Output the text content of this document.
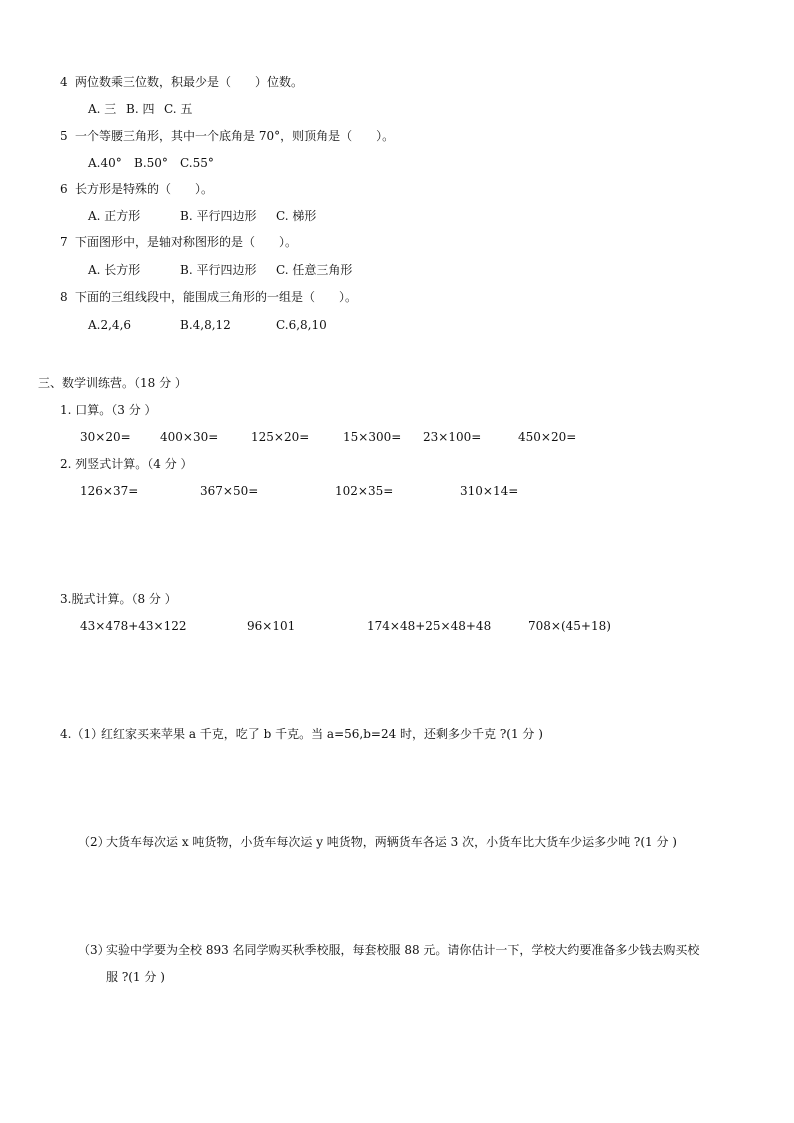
4 两位数乘三位数，积最少是（　　）位数。
A. 三 B. 四 C. 五
5 一个等腰三角形，其中一个底角是 70°，则顶角是（　　）。
A.40° B.50° C.55°
6 长方形是特殊的（　　）。
A. 正方形	B. 平行四边形 C. 梯形
7 下面图形中，是轴对称图形的是（　　）。
A. 长方形	B. 平行四边形 C. 任意三角形
8 下面的三组线段中，能围成三角形的一组是（　　）。
A.2,4,6	B.4,8,12	C.6,8,10
三、数学训练营。（18 分 ）
1. 口算。（3 分 ）
30×20= 400×30=	125×20=	15×300= 23×100=	450×20=
2. 列竖式计算。（4 分 ）
126×37=	367×50=	102×35=	310×14=
3.脱式计算。（8 分 ）
43×478+43×122	96×101	174×48+25×48+48	708×(45+18)
4.（1）
红红家买来苹果 a 千克，吃了 b 千克。当 a=56,b=24 时，还剩多少千克 ?(1 分 )
（2）
大货车每次运 x 吨货物，小货车每次运 y 吨货物，两辆货车各运 3 次，小货车比大货车少运多少吨 ?(1 分 )
（3）
实验中学要为全校 893 名同学购买秋季校服，每套校服 88 元。请你估计一下，学校大约要准备多少钱去购买校
服 ?(1 分 )
